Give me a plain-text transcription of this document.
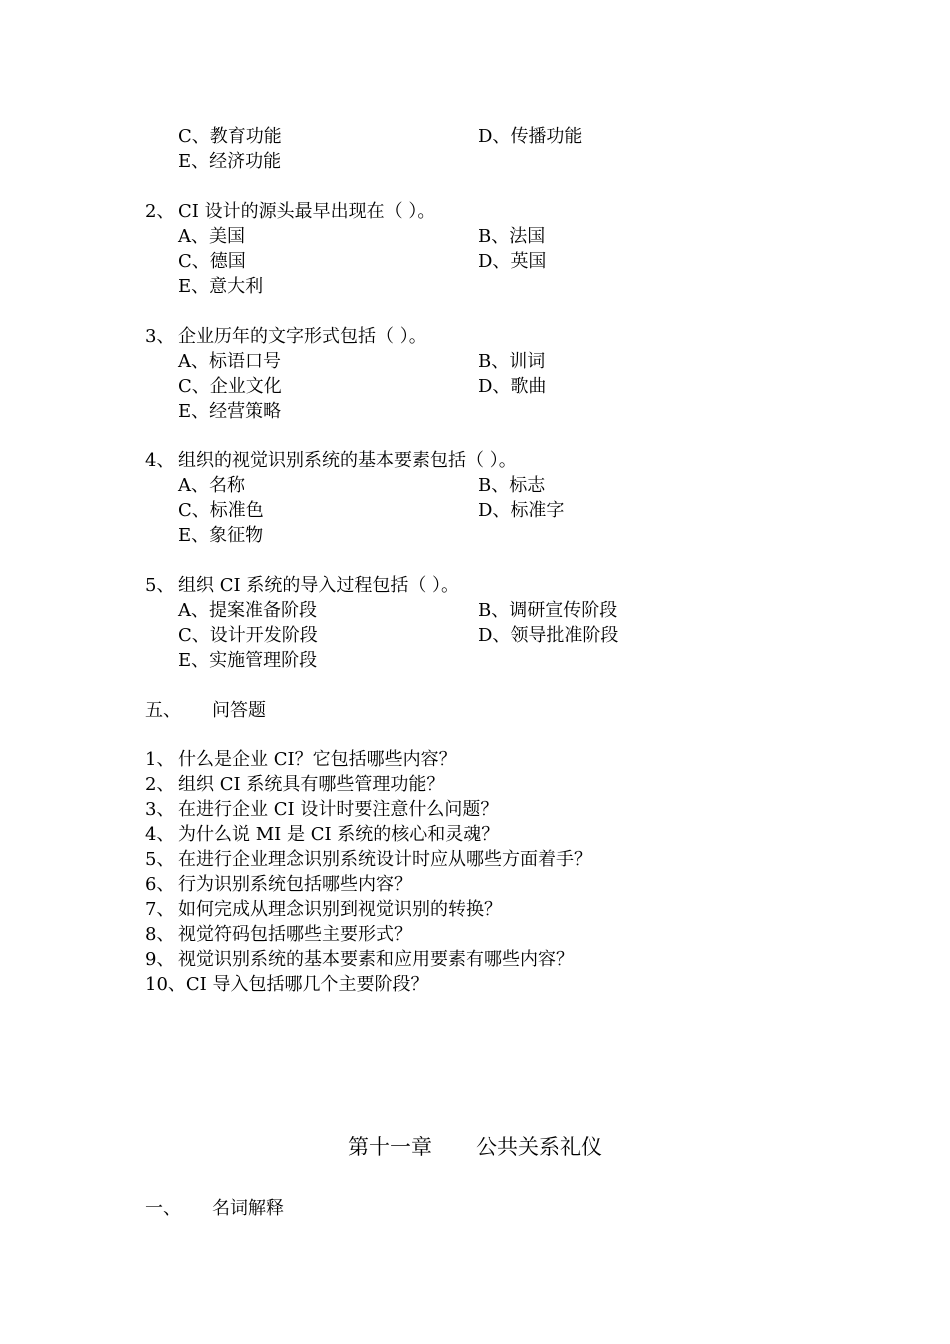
C、教育功能	D、传播功能
E、经济功能
2、 CI 设计的源头最早出现在（ ）。
A、美国	B、法国
C、德国	D、英国
E、意大利
3、 企业历年的文字形式包括（ ）。
A、标语口号	B、训词
C、企业文化	D、歌曲
E、经营策略
4、 组织的视觉识别系统的基本要素包括（ ）。
A、名称	B、标志
C、标准色	D、标准字
E、象征物
5、 组织 CI 系统的导入过程包括（ ）。
A、提案准备阶段	B、调研宣传阶段
C、设计开发阶段	D、领导批准阶段
E、实施管理阶段
五、 问答题
1、 什么是企业 CI？它包括哪些内容？
2、 组织 CI 系统具有哪些管理功能？
3、 在进行企业 CI 设计时要注意什么问题？
4、 为什么说 MI 是 CI 系统的核心和灵魂？
5、 在进行企业理念识别系统设计时应从哪些方面着手？
6、 行为识别系统包括哪些内容？
7、 如何完成从理念识别到视觉识别的转换？
8、 视觉符码包括哪些主要形式？
9、 视觉识别系统的基本要素和应用要素有哪些内容？
10、CI 导入包括哪几个主要阶段？
第十一章 公共关系礼仪
一、 名词解释
